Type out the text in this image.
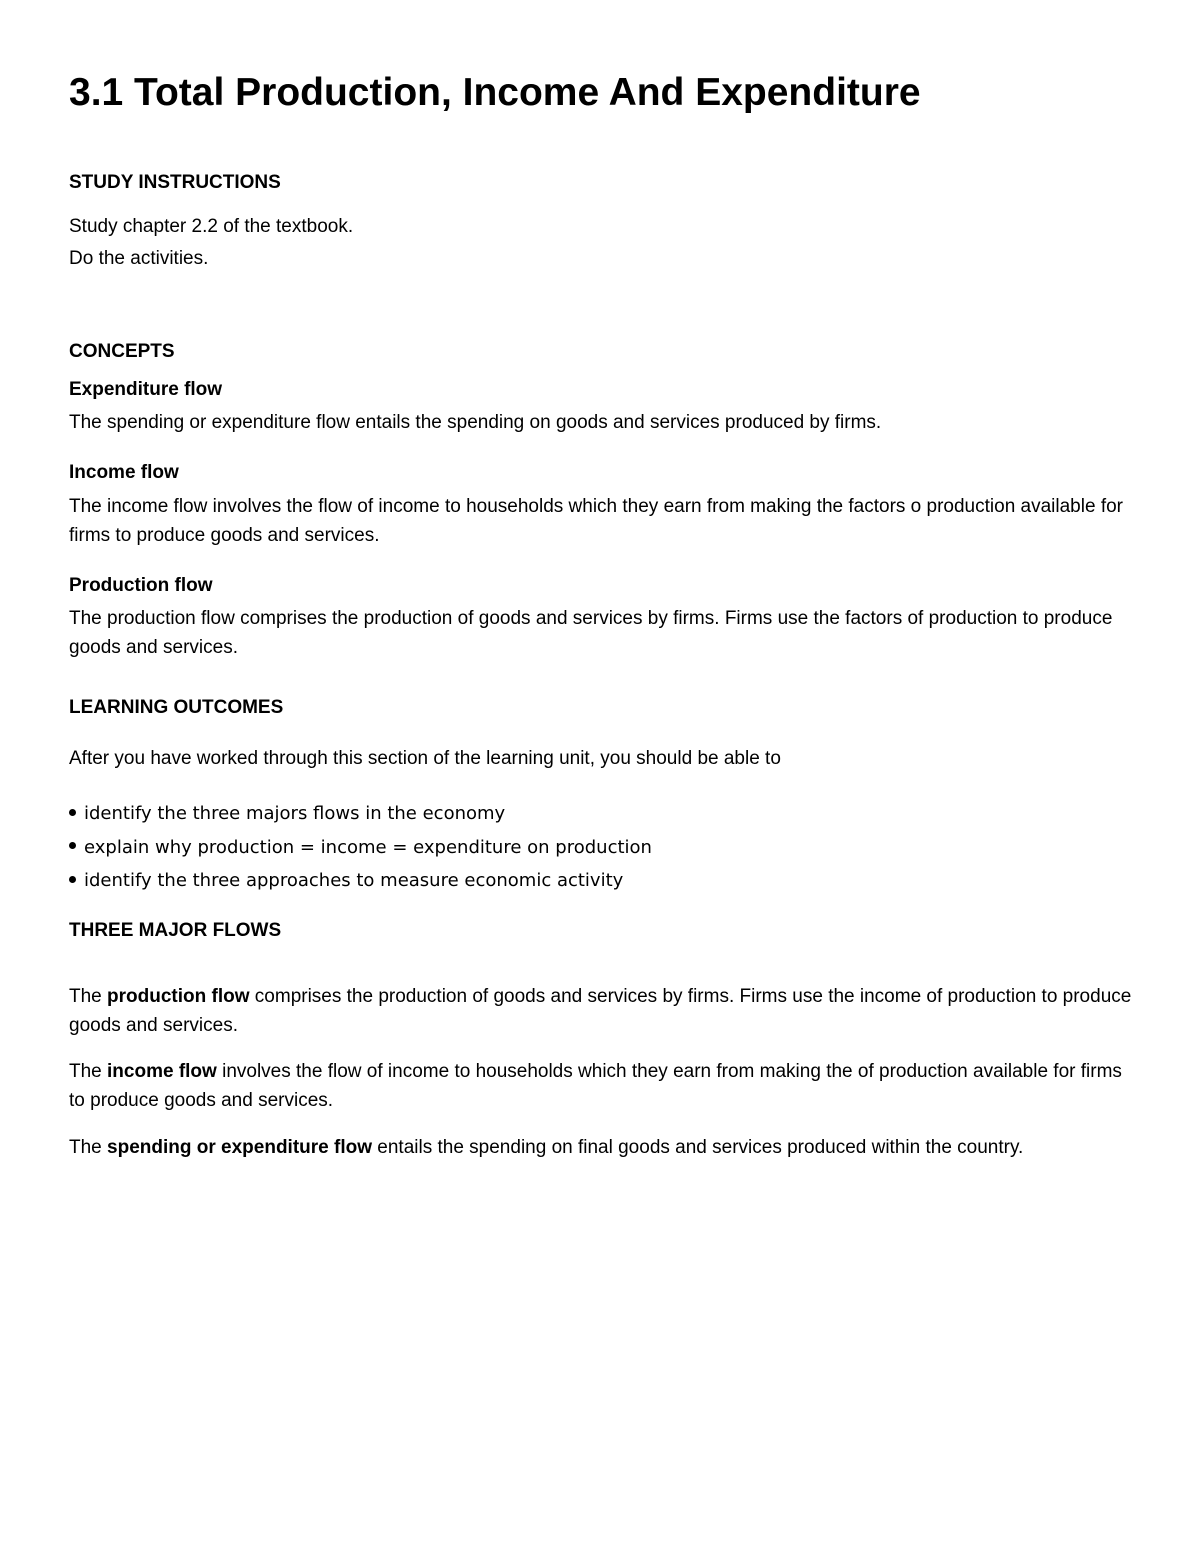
3.1 Total Production, Income And Expenditure
STUDY INSTRUCTIONS

Study chapter 2.2 of the textbook.

Do the activities.

CONCEPTS
Expenditure flow

The spending or expenditure flow entails the spending on goods and services produced by firms.

Income flow

The income flow involves the flow of income to households which they earn from making the factors o production available for firms to produce goods and services.

Production flow

The production flow comprises the production of goods and services by firms. Firms use the factors of production to produce goods and services.

LEARNING OUTCOMES

After you have worked through this section of the learning unit, you should be able to

identify the three majors flows in the economy
explain why production = income = expenditure on production
identify the three approaches to measure economic activity
THREE MAJOR FLOWS

The production flow comprises the production of goods and services by firms. Firms use the income of production to produce goods and services.

The income flow involves the flow of income to households which they earn from making the of production available for firms to produce goods and services.

The spending or expenditure flow entails the spending on final goods and services produced within the country.
